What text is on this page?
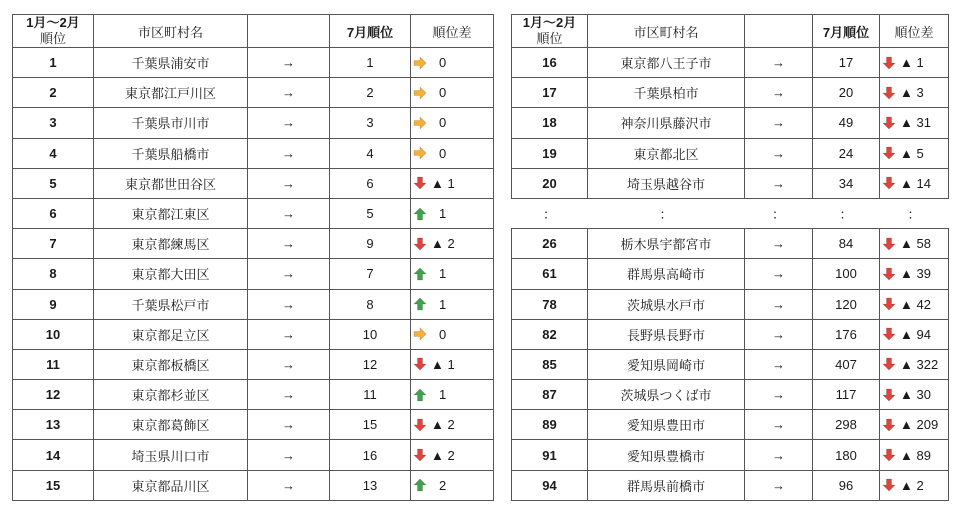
1月～2月
順位	市区町村名		7月順位	順位差
1	千葉県浦安市	→	1	0

2	東京都江戸川区	→	2	0

3	千葉県市川市	→	3	0

4	千葉県船橋市	→	4	0

5	東京都世田谷区	→	6	▲ 1

6	東京都江東区	→	5	1

7	東京都練馬区	→	9	▲ 2

8	東京都大田区	→	7	1

9	千葉県松戸市	→	8	1

10	東京都足立区	→	10	0

11	東京都板橋区	→	12	▲ 1

12	東京都杉並区	→	11	1

13	東京都葛飾区	→	15	▲ 2

14	埼玉県川口市	→	16	▲ 2

15	東京都品川区	→	13	2
1月～2月
順位	市区町村名		7月順位	順位差
16	東京都八王子市	→	17	▲ 1

17	千葉県柏市	→	20	▲ 3

18	神奈川県藤沢市	→	49	▲ 31

19	東京都北区	→	24	▲ 5

20	埼玉県越谷市	→	34	▲ 14

：	：	：	：	：
26	栃木県宇都宮市	→	84	▲ 58

61	群馬県高崎市	→	100	▲ 39

78	茨城県水戸市	→	120	▲ 42

82	長野県長野市	→	176	▲ 94

85	愛知県岡崎市	→	407	▲ 322

87	茨城県つくば市	→	117	▲ 30

89	愛知県豊田市	→	298	▲ 209

91	愛知県豊橋市	→	180	▲ 89

94	群馬県前橋市	→	96	▲ 2
